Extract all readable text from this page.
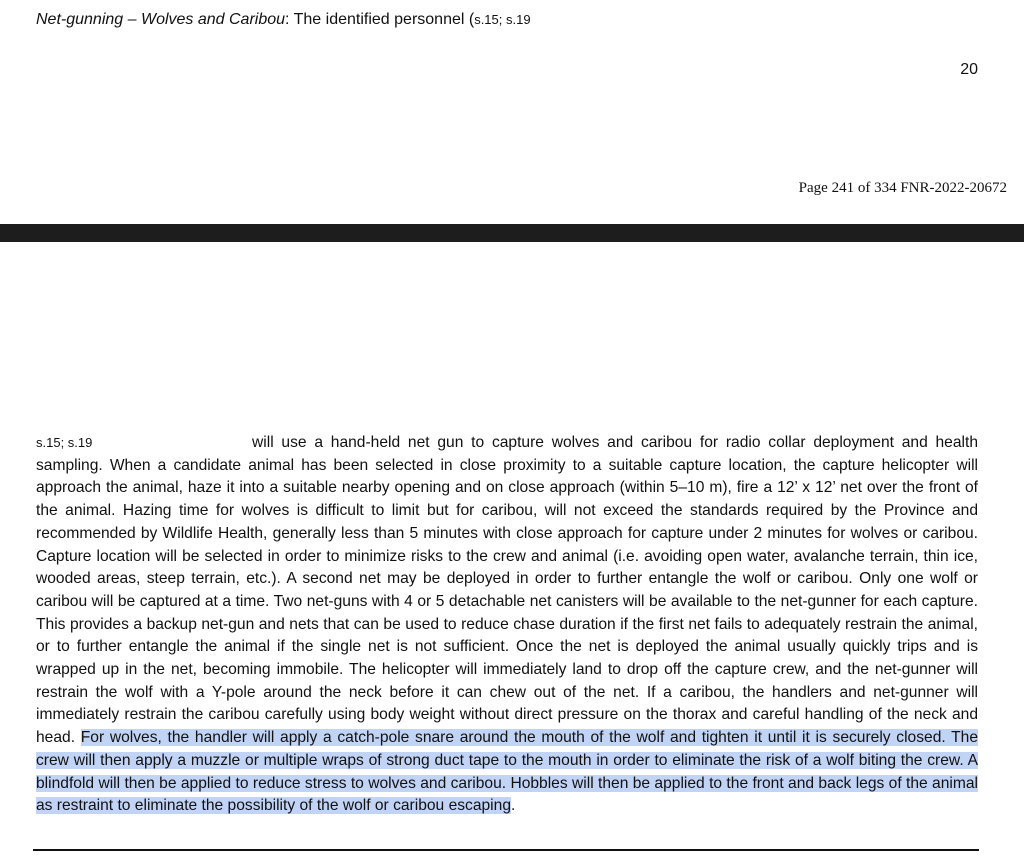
Net-gunning – Wolves and Caribou: The identified personnel (s.15; s.19
20
Page 241 of 334 FNR-2022-20672
s.15; s.19	will use a hand-held net gun to capture wolves and caribou for radio collar deployment and health sampling. When a candidate animal has been selected in close proximity to a suitable capture location, the capture helicopter will approach the animal, haze it into a suitable nearby opening and on close approach (within 5–10 m), fire a 12’ x 12’ net over the front of the animal. Hazing time for wolves is difficult to limit but for caribou, will not exceed the standards required by the Province and recommended by Wildlife Health, generally less than 5 minutes with close approach for capture under 2 minutes for wolves or caribou. Capture location will be selected in order to minimize risks to the crew and animal (i.e. avoiding open water, avalanche terrain, thin ice, wooded areas, steep terrain, etc.). A second net may be deployed in order to further entangle the wolf or caribou. Only one wolf or caribou will be captured at a time. Two net-guns with 4 or 5 detachable net canisters will be available to the net-gunner for each capture. This provides a backup net-gun and nets that can be used to reduce chase duration if the first net fails to adequately restrain the animal, or to further entangle the animal if the single net is not sufficient. Once the net is deployed the animal usually quickly trips and is wrapped up in the net, becoming immobile. The helicopter will immediately land to drop off the capture crew, and the net-gunner will restrain the wolf with a Y-pole around the neck before it can chew out of the net. If a caribou, the handlers and net-gunner will immediately restrain the caribou carefully using body weight without direct pressure on the thorax and careful handling of the neck and head. For wolves, the handler will apply a catch-pole snare around the mouth of the wolf and tighten it until it is securely closed. The crew will then apply a muzzle or multiple wraps of strong duct tape to the mouth in order to eliminate the risk of a wolf biting the crew. A blindfold will then be applied to reduce stress to wolves and caribou. Hobbles will then be applied to the front and back legs of the animal as restraint to eliminate the possibility of the wolf or caribou escaping.
